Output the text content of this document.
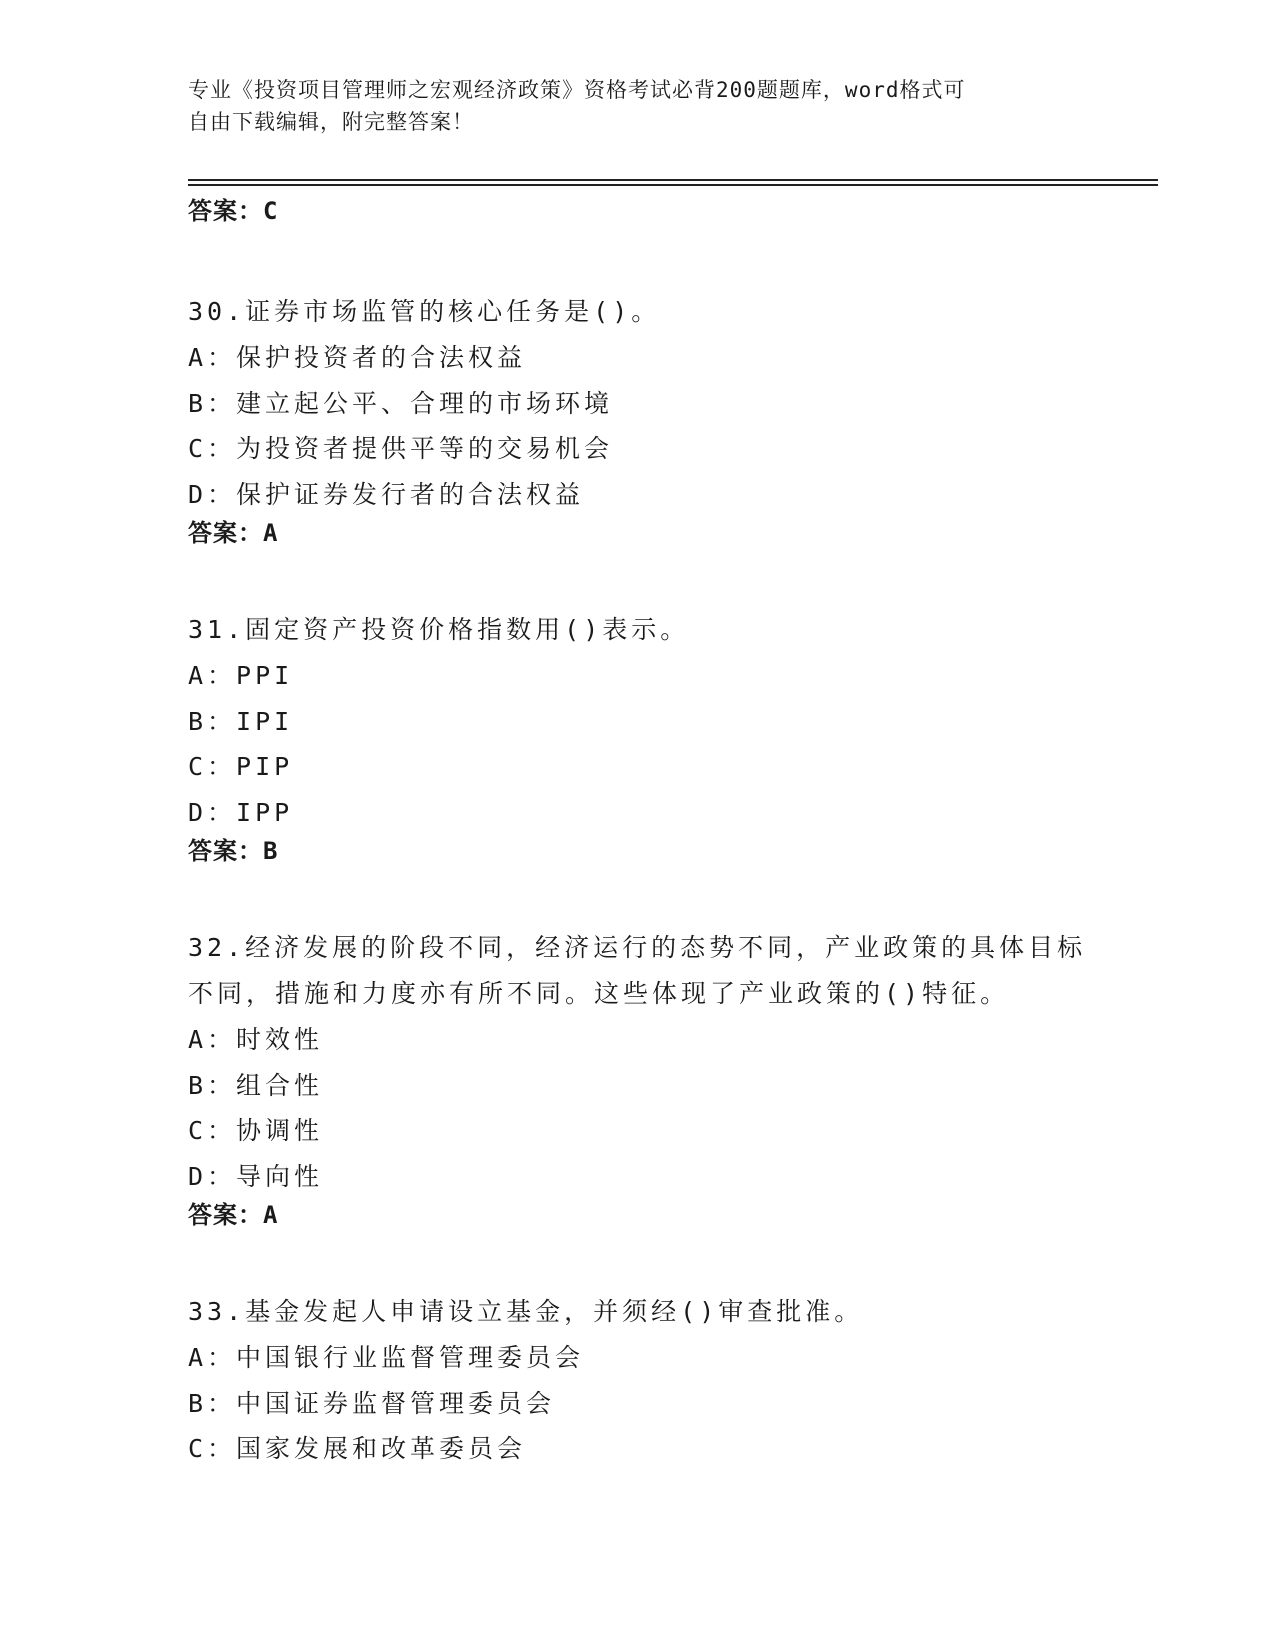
专业《投资项目管理师之宏观经济政策》资格考试必背200题题库，word格式可
自由下载编辑，附完整答案！
答案：C
30.证券市场监管的核心任务是()。
A：保护投资者的合法权益
B：建立起公平、合理的市场环境
C：为投资者提供平等的交易机会
D：保护证券发行者的合法权益
答案：A
31.固定资产投资价格指数用()表示。
A：PPI
B：IPI
C：PIP
D：IPP
答案：B
32.经济发展的阶段不同，经济运行的态势不同，产业政策的具体目标
不同，措施和力度亦有所不同。这些体现了产业政策的()特征。
A：时效性
B：组合性
C：协调性
D：导向性
答案：A
33.基金发起人申请设立基金，并须经()审查批准。
A：中国银行业监督管理委员会
B：中国证券监督管理委员会
C：国家发展和改革委员会
